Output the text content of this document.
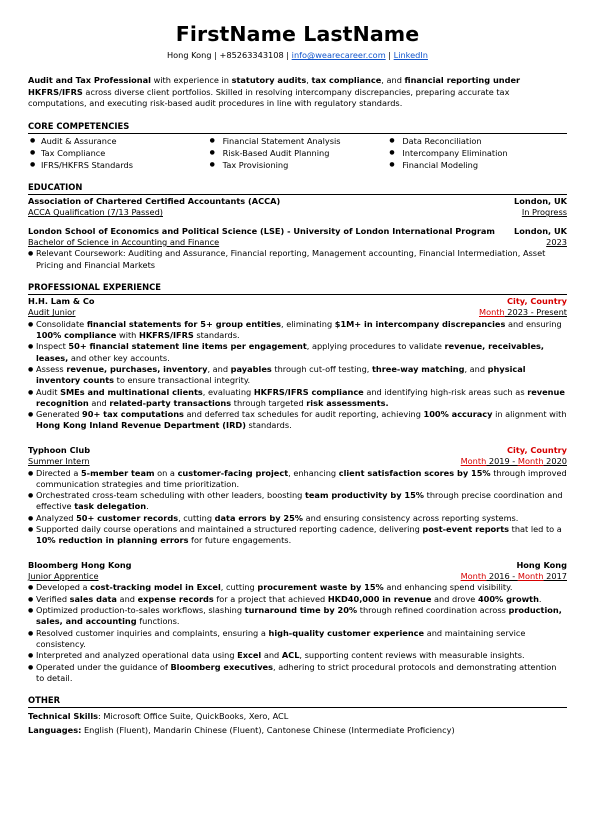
FirstName LastName
Hong Kong | +85263343108 | info@wearecareer.com | LinkedIn
Audit and Tax Professional with experience in statutory audits, tax compliance, and financial reporting under HKFRS/IFRS across diverse client portfolios. Skilled in resolving intercompany discrepancies, preparing accurate tax computations, and executing risk-based audit procedures in line with regulatory standards.
CORE COMPETENCIES
● Audit & Assurance
● Tax Compliance
● IFRS/HKFRS Standards
● Financial Statement Analysis
● Risk-Based Audit Planning
● Tax Provisioning
● Data Reconciliation
● Intercompany Elimination
● Financial Modeling
EDUCATION
Association of Chartered Certified Accountants (ACCA)	London, UK
ACCA Qualification (7/13 Passed)	In Progress
London School of Economics and Political Science (LSE) - University of London International Program London, UK
Bachelor of Science in Accounting and Finance	2023
● Relevant Coursework: Auditing and Assurance, Financial reporting, Management accounting, Financial Intermediation, Asset Pricing and Financial Markets
PROFESSIONAL EXPERIENCE
H.H. Lam & Co	City, Country
Audit Junior	Month 2023 - Present
● Consolidate financial statements for 5+ group entities, eliminating $1M+ in intercompany discrepancies and ensuring 100% compliance with HKFRS/IFRS standards.
● Inspect 50+ financial statement line items per engagement, applying procedures to validate revenue, receivables, leases, and other key accounts.
● Assess revenue, purchases, inventory, and payables through cut-off testing, three-way matching, and physical inventory counts to ensure transactional integrity.
● Audit SMEs and multinational clients, evaluating HKFRS/IFRS compliance and identifying high-risk areas such as revenue recognition and related-party transactions through targeted risk assessments.
● Generated 90+ tax computations and deferred tax schedules for audit reporting, achieving 100% accuracy in alignment with Hong Kong Inland Revenue Department (IRD) standards.
Typhoon Club	City, Country
Summer Intern	Month 2019 - Month 2020
● Directed a 5-member team on a customer-facing project, enhancing client satisfaction scores by 15% through improved communication strategies and time prioritization.
● Orchestrated cross-team scheduling with other leaders, boosting team productivity by 15% through precise coordination and effective task delegation.
● Analyzed 50+ customer records, cutting data errors by 25% and ensuring consistency across reporting systems.
● Supported daily course operations and maintained a structured reporting cadence, delivering post-event reports that led to a 10% reduction in planning errors for future engagements.
Bloomberg Hong Kong	Hong Kong
Junior Apprentice	Month 2016 - Month 2017
● Developed a cost-tracking model in Excel, cutting procurement waste by 15% and enhancing spend visibility.
● Verified sales data and expense records for a project that achieved HKD40,000 in revenue and drove 400% growth.
● Optimized production-to-sales workflows, slashing turnaround time by 20% through refined coordination across production, sales, and accounting functions.
● Resolved customer inquiries and complaints, ensuring a high-quality customer experience and maintaining service consistency.
● Interpreted and analyzed operational data using Excel and ACL, supporting content reviews with measurable insights.
● Operated under the guidance of Bloomberg executives, adhering to strict procedural protocols and demonstrating attention to detail.
OTHER
Technical Skills: Microsoft Office Suite, QuickBooks, Xero, ACL
Languages: English (Fluent), Mandarin Chinese (Fluent), Cantonese Chinese (Intermediate Proficiency)
